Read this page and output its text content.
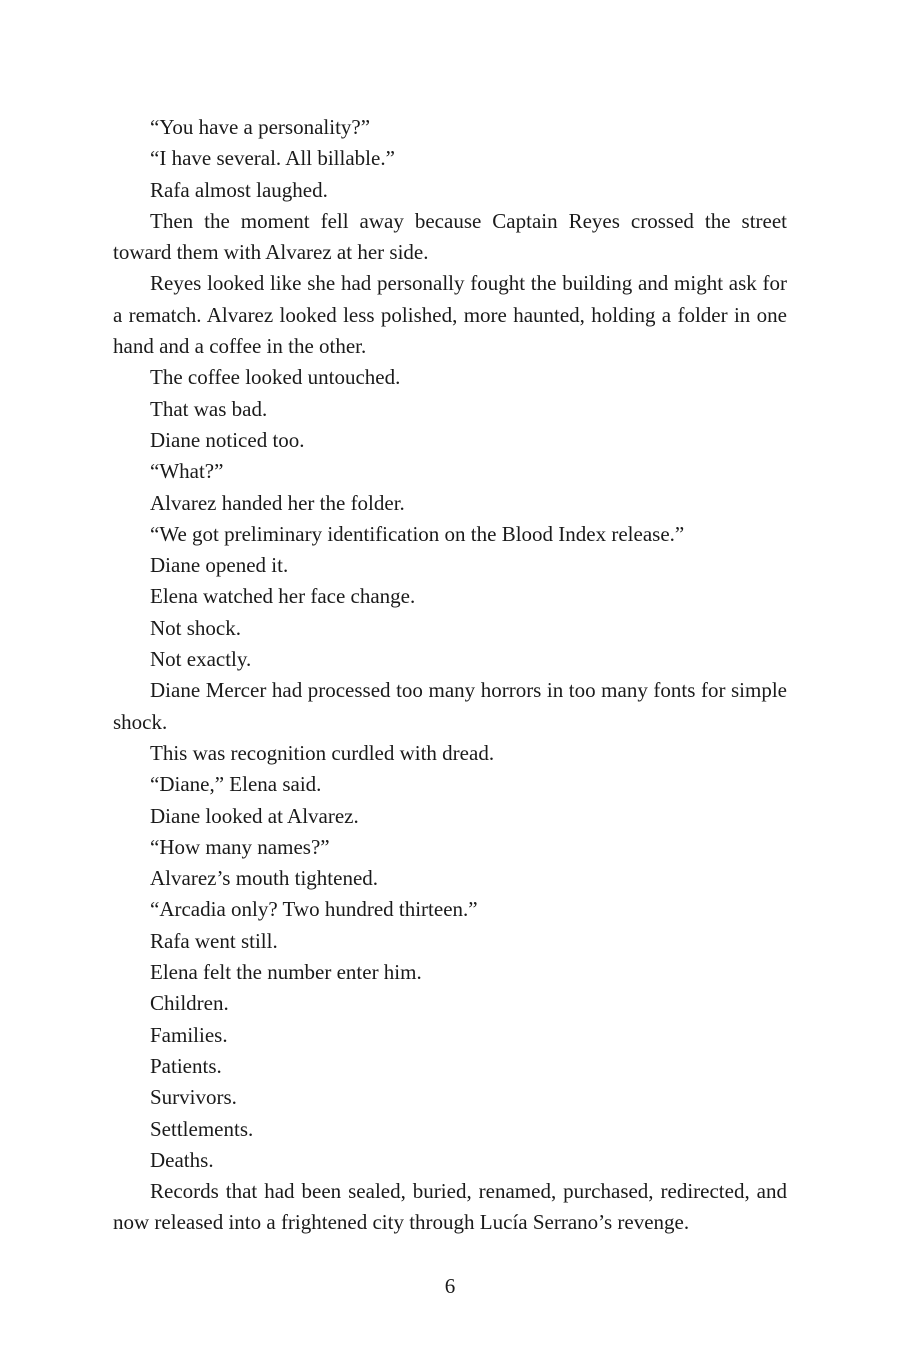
“You have a personality?”

“I have several. All billable.”

Rafa almost laughed.

Then the moment fell away because Captain Reyes crossed the street toward them with Alvarez at her side.

Reyes looked like she had personally fought the building and might ask for a rematch. Alvarez looked less polished, more haunted, holding a folder in one hand and a coffee in the other.

The coffee looked untouched.

That was bad.

Diane noticed too.

“What?”

Alvarez handed her the folder.

“We got preliminary identification on the Blood Index release.”

Diane opened it.

Elena watched her face change.

Not shock.

Not exactly.

Diane Mercer had processed too many horrors in too many fonts for simple shock.

This was recognition curdled with dread.

“Diane,” Elena said.

Diane looked at Alvarez.

“How many names?”

Alvarez’s mouth tightened.

“Arcadia only? Two hundred thirteen.”

Rafa went still.

Elena felt the number enter him.

Children.

Families.

Patients.

Survivors.

Settlements.

Deaths.

Records that had been sealed, buried, renamed, purchased, redirected, and now released into a frightened city through Lucía Serrano’s revenge.

6
